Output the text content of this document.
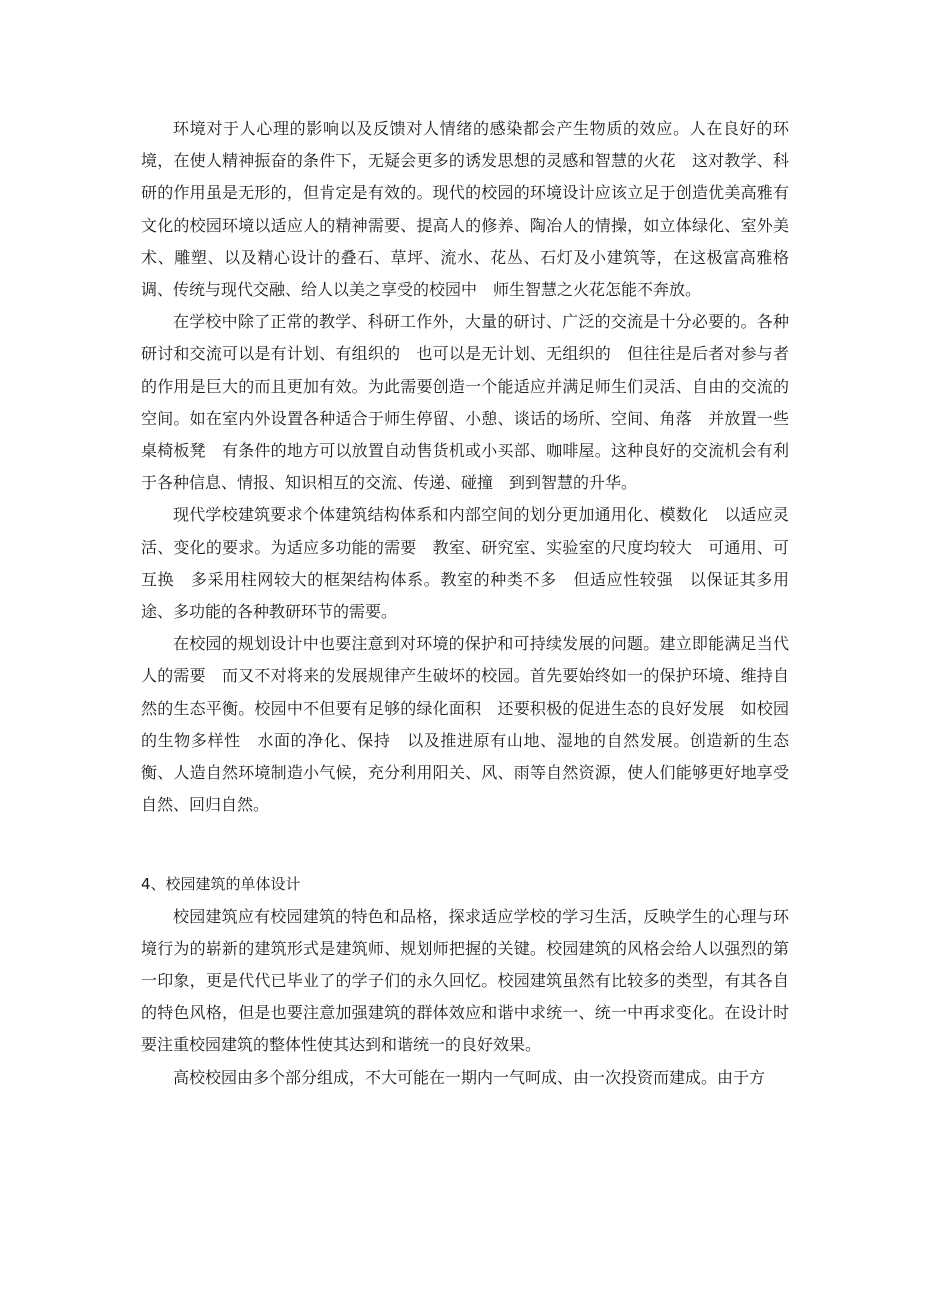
环境对于人心理的影响以及反馈对人情绪的感染都会产生物质的效应。人在良好的环境，在使人精神振奋的条件下，无疑会更多的诱发思想的灵感和智慧的火花　这对教学、科研的作用虽是无形的，但肯定是有效的。现代的校园的环境设计应该立足于创造优美高雅有文化的校园环境以适应人的精神需要、提高人的修养、陶冶人的情操，如立体绿化、室外美术、雕塑、以及精心设计的叠石、草坪、流水、花丛、石灯及小建筑等，在这极富高雅格调、传统与现代交融、给人以美之享受的校园中　师生智慧之火花怎能不奔放。

在学校中除了正常的教学、科研工作外，大量的研讨、广泛的交流是十分必要的。各种研讨和交流可以是有计划、有组织的　也可以是无计划、无组织的　但往往是后者对参与者的作用是巨大的而且更加有效。为此需要创造一个能适应并满足师生们灵活、自由的交流的空间。如在室内外设置各种适合于师生停留、小憩、谈话的场所、空间、角落　并放置一些桌椅板凳　有条件的地方可以放置自动售货机或小买部、咖啡屋。这种良好的交流机会有利于各种信息、情报、知识相互的交流、传递、碰撞　到到智慧的升华。

现代学校建筑要求个体建筑结构体系和内部空间的划分更加通用化、模数化　以适应灵活、变化的要求。为适应多功能的需要　教室、研究室、实验室的尺度均较大　可通用、可互换　多采用柱网较大的框架结构体系。教室的种类不多　但适应性较强　以保证其多用途、多功能的各种教研环节的需要。

在校园的规划设计中也要注意到对环境的保护和可持续发展的问题。建立即能满足当代人的需要　而又不对将来的发展规律产生破坏的校园。首先要始终如一的保护环境、维持自然的生态平衡。校园中不但要有足够的绿化面积　还要积极的促进生态的良好发展　如校园的生物多样性　水面的净化、保持　以及推进原有山地、湿地的自然发展。创造新的生态衡、人造自然环境制造小气候，充分利用阳关、风、雨等自然资源，使人们能够更好地享受自然、回归自然。

4、校园建筑的单体设计

校园建筑应有校园建筑的特色和品格，探求适应学校的学习生活，反映学生的心理与环境行为的崭新的建筑形式是建筑师、规划师把握的关键。校园建筑的风格会给人以强烈的第一印象，更是代代已毕业了的学子们的永久回忆。校园建筑虽然有比较多的类型，有其各自的特色风格，但是也要注意加强建筑的群体效应和谐中求统一、统一中再求变化。在设计时要注重校园建筑的整体性使其达到和谐统一的良好效果。

高校校园由多个部分组成，不大可能在一期内一气呵成、由一次投资而建成。由于方
